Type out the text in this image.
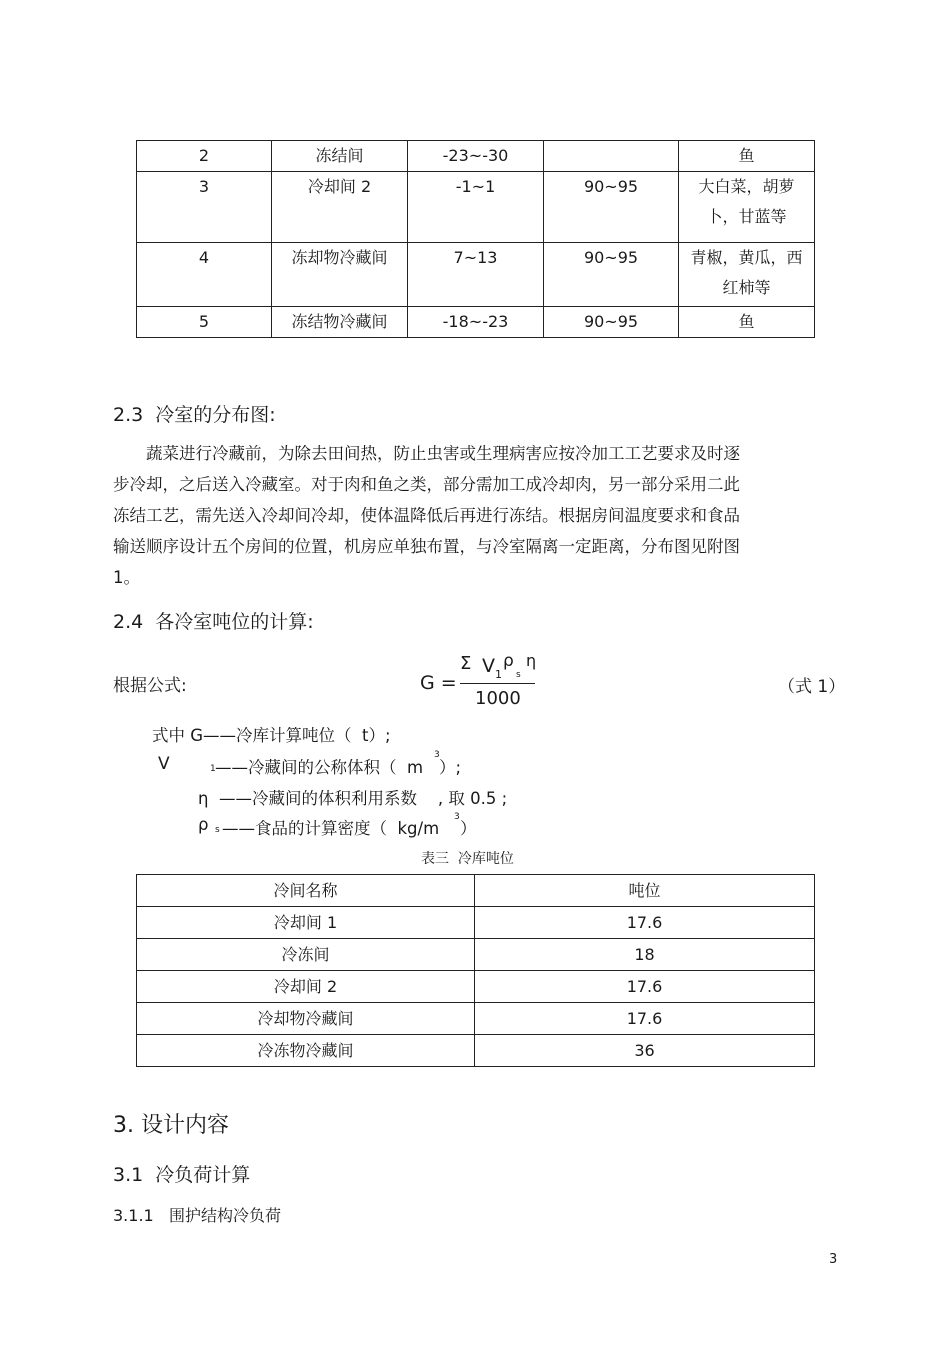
2	冻结间	-23~-30		鱼
3	冷却间 2	-1~1	90~95	大白菜，胡萝卜，甘蓝等
4	冻却物冷藏间	7~13	90~95	青椒，黄瓜，西红柿等
5	冻结物冷藏间	-18~-23	90~95	鱼
2.3  冷室的分布图:
蔬菜进行冷藏前，为除去田间热，防止虫害或生理病害应按冷加工工艺要求及时逐
步冷却，之后送入冷藏室。对于肉和鱼之类，部分需加工成冷却肉，另一部分采用二此
冻结工艺，需先送入冷却间冷却，使体温降低后再进行冻结。根据房间温度要求和食品
输送顺序设计五个房间的位置，机房应单独布置，与冷室隔离一定距离，分布图见附图
1。
2.4  各冷室吨位的计算:
根据公式:	G =
Σ V 1
ρ
s
η
1000
（式 1）
式中 G——冷库计算吨位（  t）;
V	1 ——冷藏间的公称体积（  m
3
）;
η  ——冷藏间的体积利用系数    , 取 0.5 ;
ρ s ——食品的计算密度（  kg/m
3
）
表三  冷库吨位
冷间名称	吨位
冷却间 1	17.6
冷冻间	18
冷却间 2	17.6
冷却物冷藏间	17.6
冷冻物冷藏间	36
3. 设计内容
3.1  冷负荷计算
3.1.1   围护结构冷负荷
3
